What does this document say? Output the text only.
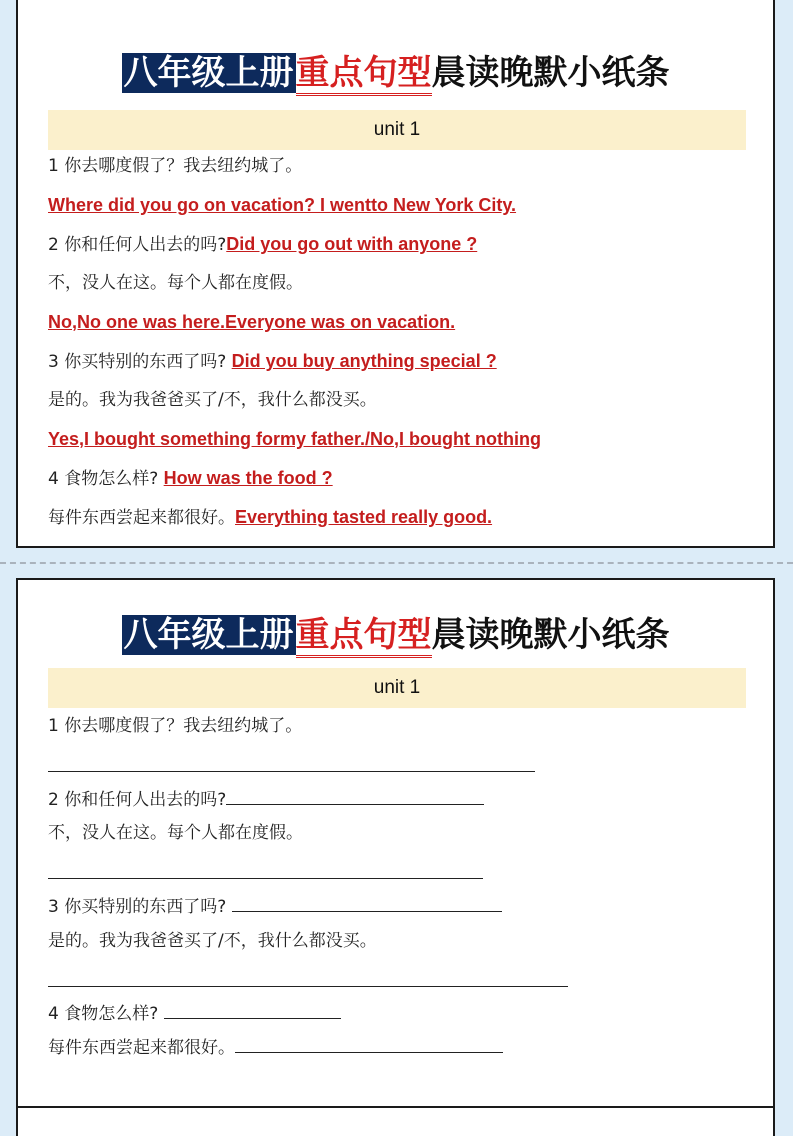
八年级上册重点句型晨读晚默小纸条
unit 1
1 你去哪度假了？我去纽约城了。
Where did you go on vacation? I wentto New York City.
2 你和任何人出去的吗?Did you go out with anyone ?
不，没人在这。每个人都在度假。
No,No one was here.Everyone was on vacation.
3 你买特别的东西了吗? Did you buy anything special ?
是的。我为我爸爸买了/不，我什么都没买。
Yes,I bought something formy father./No,I bought nothing
4 食物怎么样? How was the food ?
每件东西尝起来都很好。Everything tasted really good.
八年级上册重点句型晨读晚默小纸条
unit 1
1 你去哪度假了？我去纽约城了。
2 你和任何人出去的吗?
不，没人在这。每个人都在度假。
3 你买特别的东西了吗?
是的。我为我爸爸买了/不，我什么都没买。
4 食物怎么样?
每件东西尝起来都很好。
